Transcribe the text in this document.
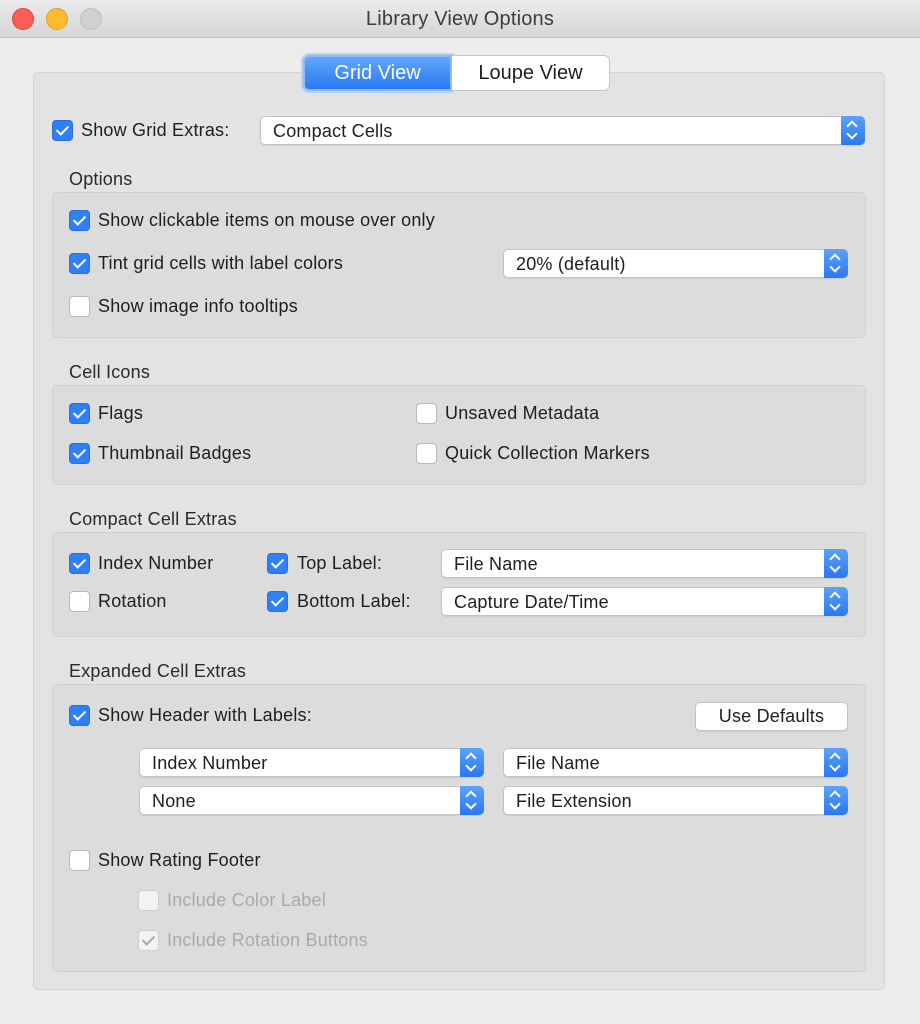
Library View Options
Grid View	Loupe View
Show Grid Extras: Compact Cells
Options
Show clickable items on mouse over only
Tint grid cells with label colors	20% (default)
Show image info tooltips
Cell Icons
Flags	Unsaved Metadata
Thumbnail Badges	Quick Collection Markers
Compact Cell Extras
Index Number	Top Label:	File Name
Rotation	Bottom Label: Capture Date/Time
Expanded Cell Extras
Show Header with Labels:	Use Defaults
Index Number	File Name
None	File Extension
Show Rating Footer
Include Color Label
Include Rotation Buttons
